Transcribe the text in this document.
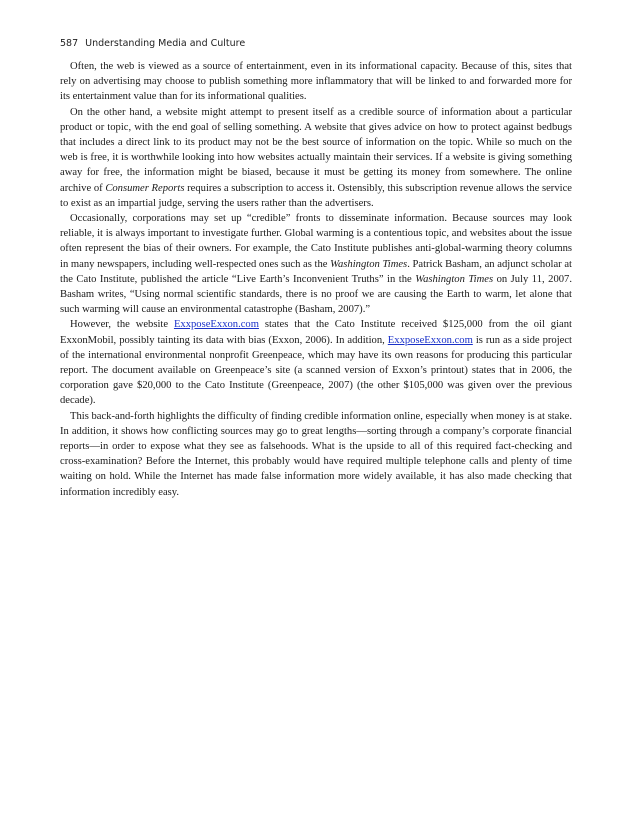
587 Understanding Media and Culture

Often, the web is viewed as a source of entertainment, even in its informational capacity. Because of this, sites that rely on advertising may choose to publish something more inflammatory that will be linked to and forwarded more for its entertainment value than for its informational qualities.

On the other hand, a website might attempt to present itself as a credible source of information about a particular product or topic, with the end goal of selling something. A website that gives advice on how to protect against bedbugs that includes a direct link to its product may not be the best source of information on the topic. While so much on the web is free, it is worthwhile looking into how websites actually maintain their services. If a website is giving something away for free, the information might be biased, because it must be getting its money from somewhere. The online archive of Consumer Reports requires a subscription to access it. Ostensibly, this subscription revenue allows the service to exist as an impartial judge, serving the users rather than the advertisers.

Occasionally, corporations may set up “credible” fronts to disseminate information. Because sources may look reliable, it is always important to investigate further. Global warming is a contentious topic, and websites about the issue often represent the bias of their owners. For example, the Cato Institute publishes anti-global-warming theory columns in many newspapers, including well-respected ones such as the Washington Times. Patrick Basham, an adjunct scholar at the Cato Institute, published the article “Live Earth’s Inconvenient Truths” in the Washington Times on July 11, 2007. Basham writes, “Using normal scientific standards, there is no proof we are causing the Earth to warm, let alone that such warming will cause an environmental catastrophe (Basham, 2007).”

However, the website ExxposeExxon.com states that the Cato Institute received $125,000 from the oil giant ExxonMobil, possibly tainting its data with bias (Exxon, 2006). In addition, ExxposeExxon.com is run as a side project of the international environmental nonprofit Greenpeace, which may have its own reasons for producing this particular report. The document available on Greenpeace’s site (a scanned version of Exxon’s printout) states that in 2006, the corporation gave $20,000 to the Cato Institute (Greenpeace, 2007) (the other $105,000 was given over the previous decade).

This back-and-forth highlights the difficulty of finding credible information online, especially when money is at stake. In addition, it shows how conflicting sources may go to great lengths—sorting through a company’s corporate financial reports—in order to expose what they see as falsehoods. What is the upside to all of this required fact-checking and cross-examination? Before the Internet, this probably would have required multiple telephone calls and plenty of time waiting on hold. While the Internet has made false information more widely available, it has also made checking that information incredibly easy.
